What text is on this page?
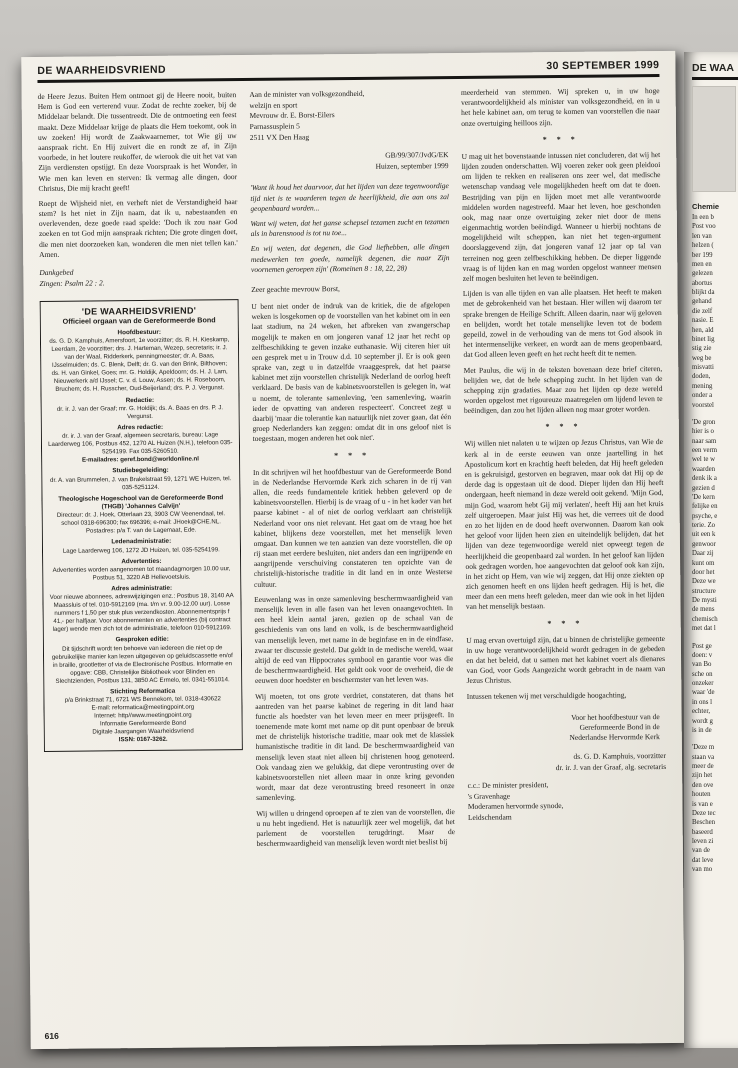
DE WAARHEIDSVRIEND	30 SEPTEMBER 1999

de Heere Jezus. Buiten Hem ontmoet gij de Heere nooit, buiten Hem is God een verterend vuur. Zodat de rechte zoeker, bij de Middelaar belandt. Die tussentreedt. Die de ontmoeting een feest maakt. Deze Middelaar krijge de plaats die Hem toekomt, ook in uw zoeken! Hij wordt de Zaakwaarnemer, tot Wie gij uw aanspraak richt. En Hij zuivert die en rondt ze af, in Zijn voorbede, in het loutere reukoffer, de wierook die uit het vat van Zijn verdiensten opstijgt. En deze Voorspraak is het Wonder, in Wie men kan leven en sterven: Ik vermag alle dingen, door Christus, Die mij kracht geeft!

Roept de Wijsheid niet, en verheft niet de Verstandigheid haar stem? Is het niet in Zijn naam, dat ik u, nabestaanden en overlevenden, deze goede raad spelde: 'Doch ik zou naar God zoeken en tot God mijn aanspraak richten; Die grote dingen doet, die men niet doorzoeken kan, wonderen die men niet tellen kan.' Amen.

Dankgebed
Zingen: Psalm 22 : 2.
'DE WAARHEIDSVRIEND'
Officieel orgaan van de Gereformeerde Bond
Hoofdbestuur:
ds. G. D. Kamphuis, Amersfoort, 1e voorzitter; ds. R. H. Kieskamp, Leerdam, 2e voorzitter; drs. J. Harteman, Wezep, secretaris; ir. J. van der Waal, Ridderkerk, penningmeester; dr. A. Baas, IJsselmuiden; ds. C. Blenk, Delft; dr. G. van den Brink, Bilthoven; ds. H. van Ginkel, Goes; mr. G. Holdijk, Apeldoorn; ds. H. J. Lam, Nieuwerkerk a/d IJssel; C. v. d. Louw, Assen; ds. H. Roseboom, Bruchem; ds. H. Russcher, Oud-Beijerland; drs. P. J. Vergunst.
Redactie:
dr. ir. J. van der Graaf; mr. G. Holdijk; ds. A. Baas en drs. P. J. Vergunst.
Adres redactie:
dr. ir. J. van der Graaf, algemeen secretaris, bureau: Lage Laarderweg 106, Postbus 452, 1270 AL Huizen (N.H.), telefoon 035-5254199. Fax 035-5260510.
E-mailadres: geref.bond@worldonline.nl
Studiebegeleiding:
dr. A. van Brummelen, J. van Brakelstraat 59, 1271 WE Huizen, tel. 035-5251124.
Theologische Hogeschool van de Gereformeerde Bond (THGB) 'Johannes Calvijn'
Directeur: dr. J. Hoek, Otterlaan 23, 3903 CW Veenendaal, tel. school 0318-696300; fax 696396; e-mail: JHoek@CHE.NL. Postadres: p/a T. van de Lagemaat, Ede.
Ledenadministratie:
Lage Laarderweg 106, 1272 JD Huizen, tel. 035-5254199.
Advertenties:
Advertenties worden aangenomen tot maandagmorgen 10.00 uur, Postbus 51, 3220 AB Hellevoetsluis.
Adres administratie:
Voor nieuwe abonnees, adreswijzigingen enz.: Postbus 18, 3140 AA Maassluis of tel. 010-5912169 (ma. t/m vr. 9.00-12.00 uur). Losse nummers f 1,50 per stuk plus verzendkosten. Abonnementsprijs f 41,- per halfjaar. Voor abonnementen en advertenties (bij contract lager) wende men zich tot de administratie, telefoon 010-5912169.
Gesproken editie:
Dit tijdschrift wordt ten behoeve van iedereen die niet op de gebruikelijke manier kan lezen uitgegeven op geluidscassette en/of in braille, grootletter of via de Electronische Postbus. Informatie en opgave: CBB, Christelijke Bibliotheek voor Blinden en Slechtzienden, Postbus 131, 3850 AC Ermelo, tel. 0341-551014.
Stichting Reformatica
p/a Brinkstraat 71, 6721 WS Bennekom, tel. 0318-430622
E-mail: reformatica@meetingpoint.org
Internet: http//www.meetingpoint.org
Informatie Gereformeerde Bond
Digitale Jaargangen Waarheidsvriend
ISSN: 0167-3262.
Aan de minister van volksgezondheid,
welzijn en sport
Mevrouw dr. E. Borst-Eilers
Parnassusplein 5
2511 VX Den Haag
GB/99/307/JvdG/EK
Huizen, september 1999

'Want ik houd het daarvoor, dat het lijden van deze tegenwoordige tijd niet is te waarderen tegen de heerlijkheid, die aan ons zal geopenbaard worden...

Want wij weten, dat het ganse schepsel tezamen zucht en tezamen als in barensnood is tot nu toe...

En wij weten, dat degenen, die God liefhebben, alle dingen medewerken ten goede, namelijk degenen, die naar Zijn voornemen geroepen zijn' (Romeinen 8 : 18, 22, 28)

Zeer geachte mevrouw Borst,

U bent niet onder de indruk van de kritiek, die de afgelopen weken is losgekomen op de voorstellen van het kabinet om in een laat stadium, na 24 weken, het afbreken van zwangerschap mogelijk te maken en om jongeren vanaf 12 jaar het recht op zelfbeschikking te geven inzake euthanasie. Wij citeren hier uit een gesprek met u in Trouw d.d. 10 september jl. Er is ook geen sprake van, zegt u in datzelfde vraaggesprek, dat het paarse kabinet met zijn voorstellen christelijk Nederland de oorlog heeft verklaard. De basis van de kabinetsvoorstellen is gelegen in, wat u noemt, de tolerante samenleving, 'een samenleving, waarin ieder de opvatting van anderen respecteert'. Concreet zegt u daarbij 'maar die tolerantie kan natuurlijk niet zover gaan, dat één groep Nederlanders kan zeggen: omdat dit in ons geloof niet is toegestaan, mogen anderen het ook niet'.

* * *

In dit schrijven wil het hoofdbestuur van de Gereformeerde Bond in de Nederlandse Hervormde Kerk zich scharen in de rij van allen, die reeds fundamentele kritiek hebben geleverd op de kabinetsvoorstellen. Hierbij is de vraag of u - in het kader van het paarse kabinet - al of niet de oorlog verklaart aan christelijk Nederland voor ons niet relevant. Het gaat om de vraag hoe het kabinet, blijkens deze voorstellen, met het menselijk leven omgaat. Dan kunnen we ten aanzien van deze voorstellen, die op rij staan met eerdere besluiten, niet anders dan een ingrijpende en aangrijpende verschuiving constateren ten opzichte van de christelijk-historische traditie in dit land en in onze Westerse cultuur.

Eeuwenlang was in onze samenleving beschermwaardigheid van menselijk leven in alle fasen van het leven onaangevochten. In een heel klein aantal jaren, gezien op de schaal van de geschiedenis van ons land en volk, is de beschermwaardigheid van menselijk leven, met name in de beginfase en in de eindfase, zwaar ter discussie gesteld. Dat geldt in de medische wereld, waar altijd de eed van Hippocrates symbool en garantie voor was die de beschermwaardigheid. Het geldt ook voor de overheid, die de eeuwen door hoedster en beschermster van het leven was.

Wij moeten, tot ons grote verdriet, constateren, dat thans het aantreden van het paarse kabinet de regering in dit land haar functie als hoedster van het leven meer en meer prijsgeeft. In toenemende mate komt met name op dit punt openbaar de breuk met de christelijk historische traditie, maar ook met de klassiek humanistische traditie in dit land. De beschermwaardigheid van menselijk leven staat niet alleen bij christenen hoog genoteerd. Ook vandaag zien we gelukkig, dat diepe verontrusting over de kabinetsvoorstellen niet alleen maar in onze kring gevonden wordt, maar dat deze verontrusting breed resoneert in onze samenleving.

Wij willen u dringend oproepen af te zien van de voorstellen, die u nu hebt ingediend. Het is natuurlijk zeer wel mogelijk, dat het parlement de voorstellen terugdringt. Maar de beschermwaardigheid van menselijk leven wordt niet beslist bij

meerderheid van stemmen. Wij spreken u, in uw hoge verantwoordelijkheid als minister van volksgezondheid, en in u het hele kabinet aan, om terug te komen van voorstellen die naar onze overtuiging heilloos zijn.

* * *

U mag uit het bovenstaande intussen niet concluderen, dat wij het lijden zouden onderschatten. Wij voeren zeker ook geen pleidooi om lijden te rekken en realiseren ons zeer wel, dat medische wetenschap vandaag vele mogelijkheden heeft om dat te doen. Bestrijding van pijn en lijden moet met alle verantwoorde middelen worden nagestreefd. Maar het leven, hoe geschonden ook, mag naar onze overtuiging zeker niet door de mens eigenmachtig worden beëindigd. Wanneer u hierbij nochtans de mogelijkheid wilt scheppen, kan niet het tegen-argument doorslaggevend zijn, dat jongeren vanaf 12 jaar op tal van terreinen nog geen zelfbeschikking hebben. De dieper liggende vraag is of lijden kan en mag worden opgelost wanneer mensen zelf mogen besluiten het leven te beëindigen.

Lijden is van alle tijden en van alle plaatsen. Het heeft te maken met de gebrokenheid van het bestaan. Hier willen wij daarom ter sprake brengen de Heilige Schrift. Alleen daarin, naar wij geloven en belijden, wordt het totale menselijke leven tot de bodem gepeild, zowel in de verhouding van de mens tot God alsook in het intermenselijke verkeer, en wordt aan de mens geopenbaard, dat God alleen leven geeft en het recht heeft dit te nemen.

Met Paulus, die wij in de teksten bovenaan deze brief citeren, belijden we, dat de hele schepping zucht. In het lijden van de schepping zijn gradaties. Maar zou het lijden op deze wereld worden opgelost met rigoureuze maatregelen om lijdend leven te beëindigen, dan zou het lijden alleen nog maar groter worden.

* * *

Wij willen niet nalaten u te wijzen op Jezus Christus, van Wie de kerk al in de eerste eeuwen van onze jaartelling in het Apostolicum kort en krachtig heeft beleden, dat Hij heeft geleden en is gekruisigd, gestorven en begraven, maar ook dat Hij op de derde dag is opgestaan uit de dood. Dieper lijden dan Hij heeft ondergaan, heeft niemand in deze wereld ooit gekend. 'Mijn God, mijn God, waarom hebt Gij mij verlaten', heeft Hij aan het kruis zelf uitgeroepen. Maar juist Hij was het, die verrees uit de dood en zo het lijden en de dood heeft overwonnen. Daarom kan ook het geloof voor lijden heen zien en uiteindelijk belijden, dat het lijden van deze tegenwoordige wereld niet opweegt tegen de heerlijkheid die geopenbaard zal worden. In het geloof kan lijden ook gedragen worden, hoe aangevochten dat geloof ook kan zijn, in het zicht op Hem, van wie wij zeggen, dat Hij onze ziekten op zich genomen heeft en ons lijden heeft gedragen. Hij is het, die meer dan een mens heeft geleden, meer dan wie ook in het lijden van het menselijk bestaan.

* * *

U mag ervan overtuigd zijn, dat u binnen de christelijke gemeente in uw hoge verantwoordelijkheid wordt gedragen in de gebeden en dat het beleid, dat u samen met het kabinet voert als dienares van God, voor Gods Aangezicht wordt gebracht in de naam van Jezus Christus.

Intussen tekenen wij met verschuldigde hoogachting,

Voor het hoofdbestuur van de

Gereformeerde Bond in de

Nederlandse Hervormde Kerk

ds. G. D. Kamphuis, voorzitter

dr. ir. J. van der Graaf, alg. secretaris

c.c.: De minister president,

's Gravenhage

Moderamen hervormde synode,

Leidschendam

616
DE WAA
Chemie
In een b
Post voo
len van
helzen (
ber 199
men en
gelezen
abortus
blijkt da
gehand
die zelf
nasie. E
hen, ald
binet lig
stig zie
weg be
misvatti
doden,
mening
onder a
voorstel
'De gron
hier is o
naar sam
een verm
wel te w
waarden
denk ik a
gezien d
'De kern
felijke en
psyche, e
terie. Zo
uit een k
genwoor
Daar zij
kunt om
door het
Deze we
structure
De mysti
de mens
chemisch
met dat l
Post ge
doen: v
van Bo
sche on
onzeker
waar 'de
in ons l
echter,
wordt g
is in de
'Deze m
staan va
meer de
zijn het
den ove
houten
is van e
Deze tec
Beschen
baseerd
leven zi
van de
dat leve
van mo
